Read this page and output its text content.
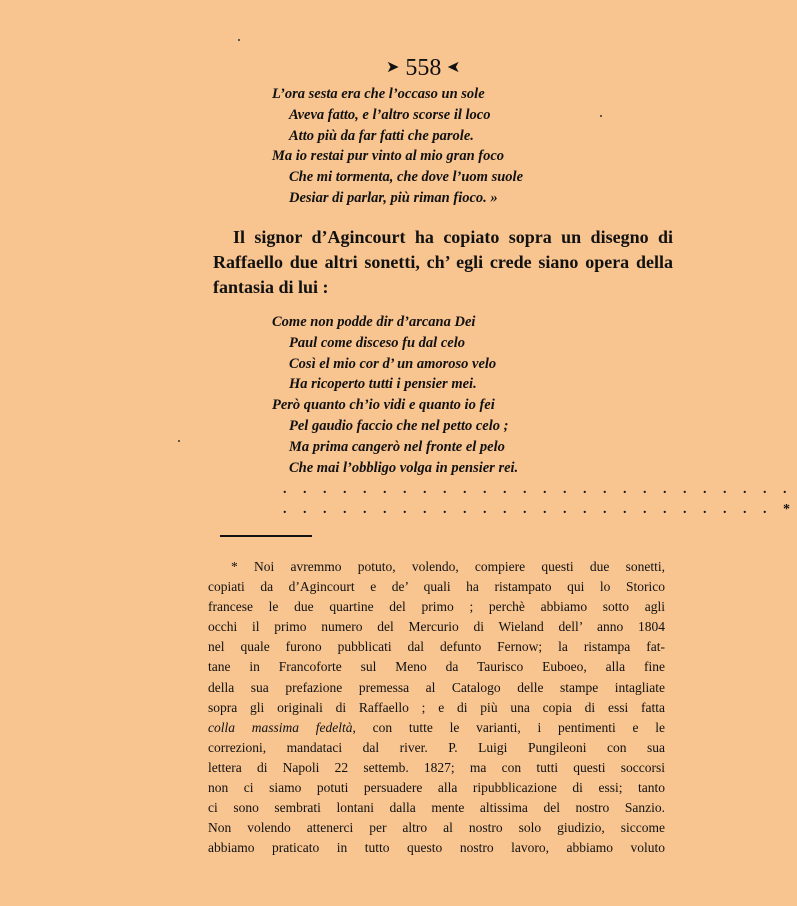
➤ 558 ➤
L’ora sesta era che l’occaso un sole
Aveva fatto, e l’altro scorse il loco
Atto più da far fatti che parole.
Ma io restai pur vinto al mio gran foco
Che mi tormenta, che dove l’uom suole
Desiar di parlar, più riman fioco. »
Il signor d’Agincourt ha copiato sopra un disegno di Raffaello due altri sonetti, ch’ egli crede siano opera della fantasia di lui :
Come non podde dir d’arcana Dei
Paul come disceso fu dal celo
Così el mio cor d’ un amoroso velo
Ha ricoperto tutti i pensier mei.
Però quanto ch’io vidi e quanto io fei
Pel gaudio faccio che nel petto celo ;
Ma prima cangerò nel fronte el pelo
Che mai l’obbligo volga in pensier rei.
. . . . . . . . . . . . . . . . . . . . . . . . . .
. . . . . . . . . . . . . . . . . . . . . . . . . *
* Noi avremmo potuto, volendo, compiere questi due sonetti,
copiati da d’Agincourt e de’ quali ha ristampato qui lo Storico
francese le due quartine del primo ; perchè abbiamo sotto agli
occhi il primo numero del Mercurio di Wieland dell’ anno 1804
nel quale furono pubblicati dal defunto Fernow; la ristampa fat-
tane in Francoforte sul Meno da Taurisco Euboeo, alla fine
della sua prefazione premessa al Catalogo delle stampe intagliate
sopra gli originali di Raffaello ; e di più una copia di essi fatta
colla massima fedeltà, con tutte le varianti, i pentimenti e le
correzioni, mandataci dal river. P. Luigi Pungileoni con sua
lettera di Napoli 22 settemb. 1827; ma con tutti questi soccorsi
non ci siamo potuti persuadere alla ripubblicazione di essi; tanto
ci sono sembrati lontani dalla mente altissima del nostro Sanzio.
Non volendo attenerci per altro al nostro solo giudizio, siccome
abbiamo praticato in tutto questo nostro lavoro, abbiamo voluto
